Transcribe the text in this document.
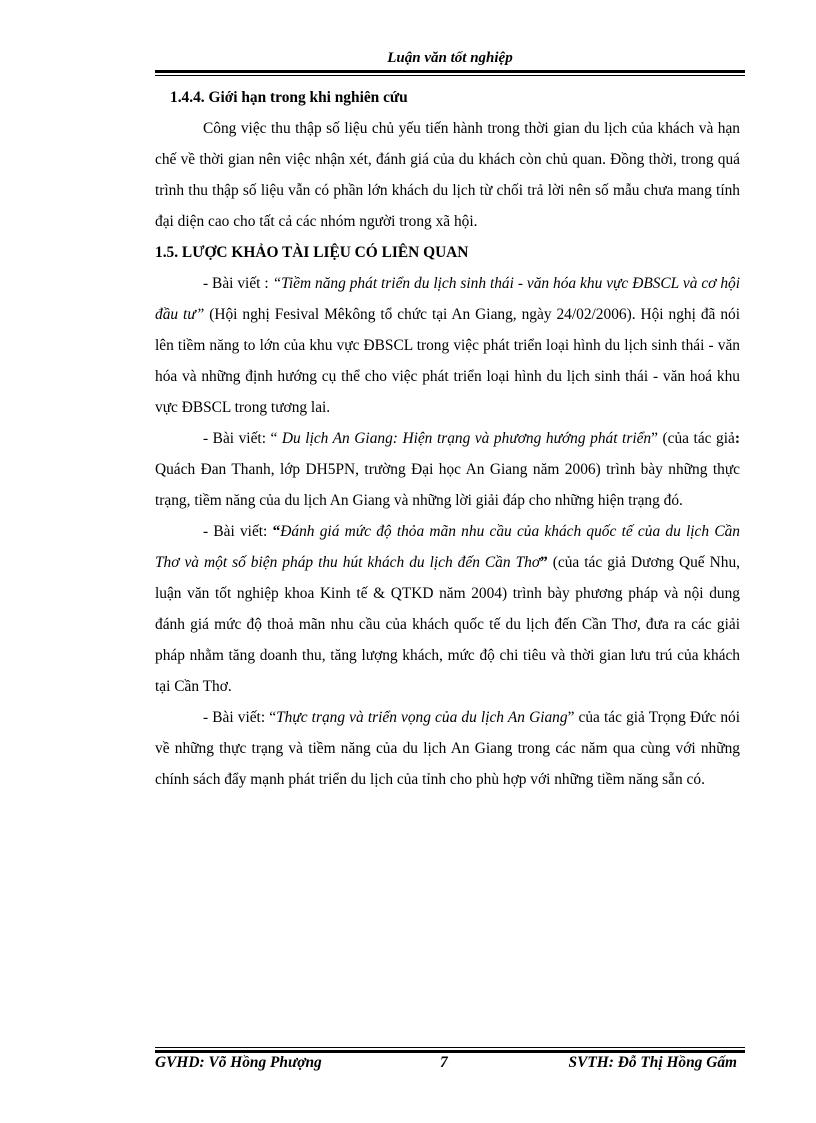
Luận văn tốt nghiệp

1.4.4. Giới hạn trong khi nghiên cứu

Công việc thu thập số liệu chủ yếu tiến hành trong thời gian du lịch của khách và hạn chế về thời gian nên việc nhận xét, đánh giá của du khách còn chủ quan. Đồng thời, trong quá trình thu thập số liệu vẫn có phần lớn khách du lịch từ chối trả lời nên số mẫu chưa mang tính đại diện cao cho tất cả các nhóm người trong xã hội.

1.5. LƯỢC KHẢO TÀI LIỆU CÓ LIÊN QUAN

- Bài viết : “Tiềm năng phát triển du lịch sinh thái - văn hóa khu vực ĐBSCL và cơ hội đầu tư” (Hội nghị Fesival Mêkông tổ chức tại An Giang, ngày 24/02/2006). Hội nghị đã nói lên tiềm năng to lớn của khu vực ĐBSCL trong việc phát triển loại hình du lịch sinh thái - văn hóa và những định hướng cụ thể cho việc phát triển loại hình du lịch sinh thái - văn hoá khu vực ĐBSCL trong tương lai.

- Bài viết: “ Du lịch An Giang: Hiện trạng và phương hướng phát triển” (của tác giả: Quách Đan Thanh, lớp DH5PN, trường Đại học An Giang năm 2006) trình bày những thực trạng, tiềm năng của du lịch An Giang và những lời giải đáp cho những hiện trạng đó.

- Bài viết: “Đánh giá mức độ thỏa mãn nhu cầu của khách quốc tế của du lịch Cần Thơ và một số biện pháp thu hút khách du lịch đến Cần Thơ” (của tác giả Dương Quế Nhu, luận văn tốt nghiệp khoa Kinh tế & QTKD năm 2004) trình bày phương pháp và nội dung đánh giá mức độ thoả mãn nhu cầu của khách quốc tế du lịch đến Cần Thơ, đưa ra các giải pháp nhằm tăng doanh thu, tăng lượng khách, mức độ chi tiêu và thời gian lưu trú của khách tại Cần Thơ.

- Bài viết: “Thực trạng và triển vọng của du lịch An Giang” của tác giả Trọng Đức nói về những thực trạng và tiềm năng của du lịch An Giang trong các năm qua cùng với những chính sách đẩy mạnh phát triển du lịch của tỉnh cho phù hợp với những tiềm năng sẵn có.

GVHD: Võ Hồng Phượng	7	SVTH: Đỗ Thị Hồng Gấm
